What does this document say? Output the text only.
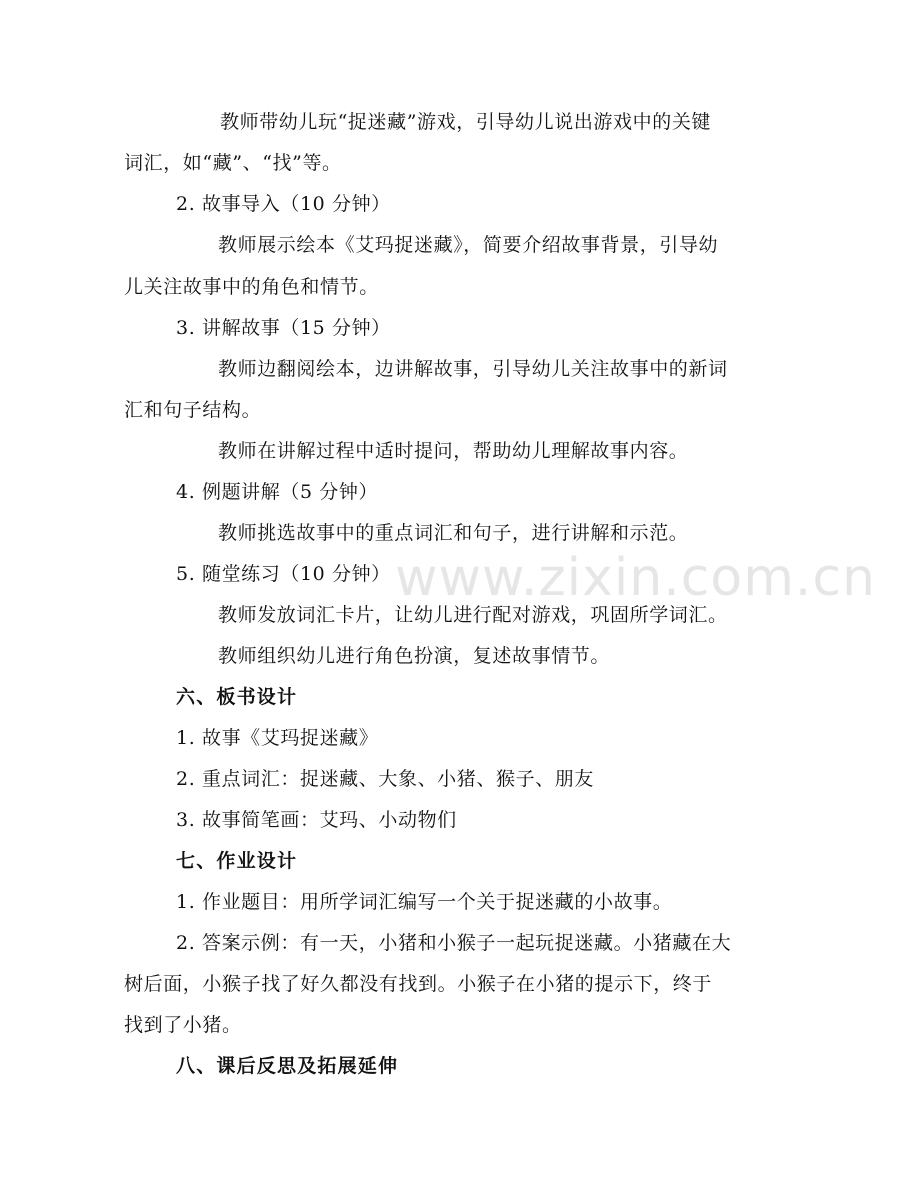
教师带幼儿玩“捉迷藏”游戏，引导幼儿说出游戏中的关键
词汇，如“藏”、“找”等。
2. 故事导入（10 分钟）
教师展示绘本《艾玛捉迷藏》，简要介绍故事背景，引导幼
儿关注故事中的角色和情节。
3. 讲解故事（15 分钟）
教师边翻阅绘本，边讲解故事，引导幼儿关注故事中的新词
汇和句子结构。
教师在讲解过程中适时提问，帮助幼儿理解故事内容。
4. 例题讲解（5 分钟）
教师挑选故事中的重点词汇和句子，进行讲解和示范。
5. 随堂练习（10 分钟）
教师发放词汇卡片，让幼儿进行配对游戏，巩固所学词汇。
教师组织幼儿进行角色扮演，复述故事情节。
六、板书设计
1. 故事《艾玛捉迷藏》
2. 重点词汇：捉迷藏、大象、小猪、猴子、朋友
3. 故事简笔画：艾玛、小动物们
七、作业设计
1. 作业题目：用所学词汇编写一个关于捉迷藏的小故事。
2. 答案示例：有一天，小猪和小猴子一起玩捉迷藏。小猪藏在大
树后面，小猴子找了好久都没有找到。小猴子在小猪的提示下，终于
找到了小猪。
八、课后反思及拓展延伸
www.zixin.com.cn
